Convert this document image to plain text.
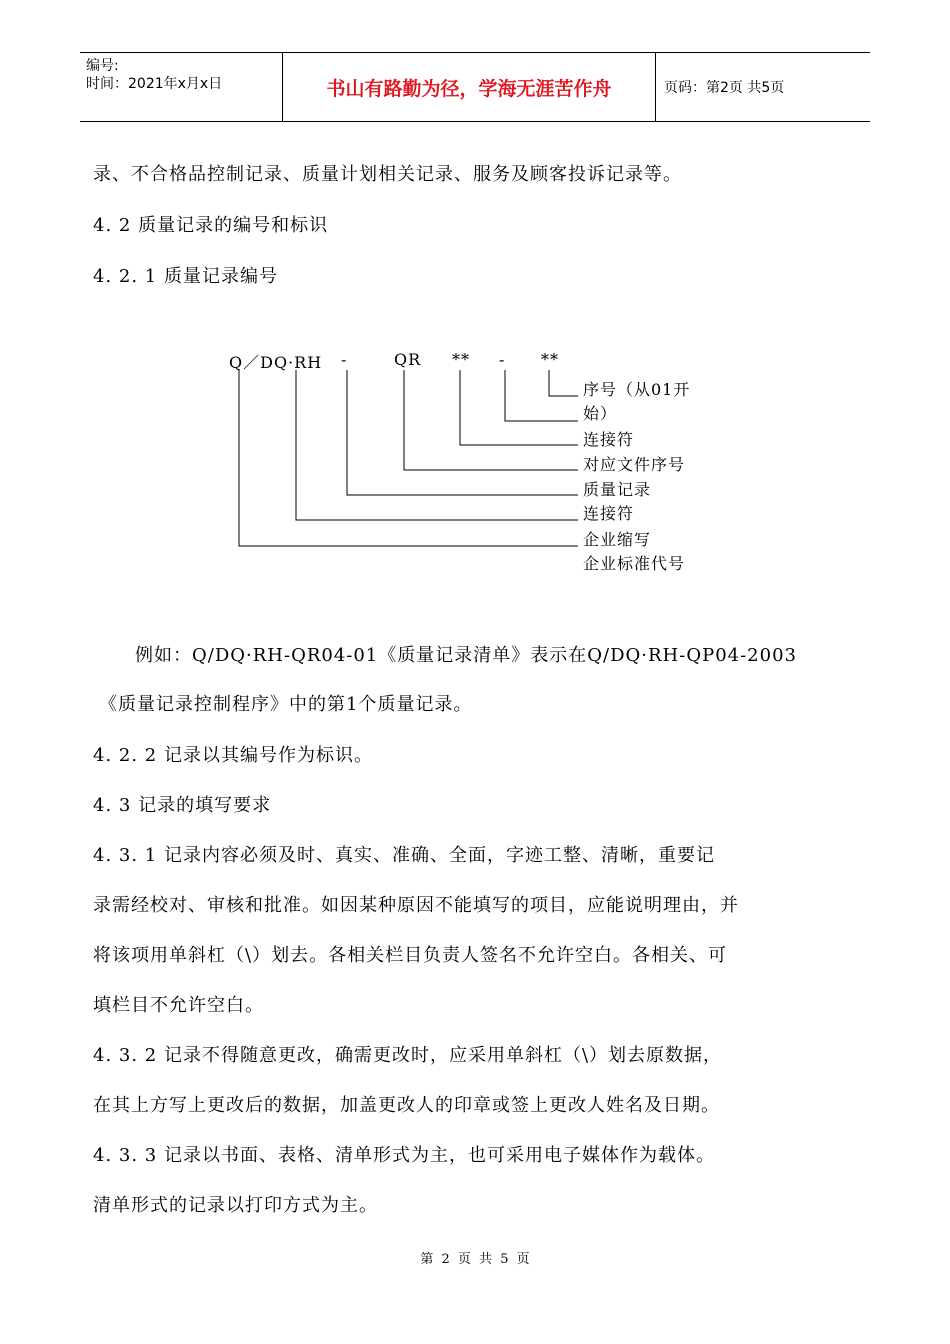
编号:
时间：2021年x月x日	书山有路勤为径，学海无涯苦作舟	页码：第2页 共5页
录、不合格品控制记录、质量计划相关记录、服务及顾客投诉记录等。
4. 2 质量记录的编号和标识
4. 2. 1 质量记录编号
Q／DQ·RH -	QR ** - **
序号（从01开
始）
连接符
对应文件序号
质量记录
连接符
企业缩写
企业标准代号
例如：Q/DQ·RH-QR04-01《质量记录清单》表示在Q/DQ·RH-QP04-2003
《质量记录控制程序》中的第1个质量记录。
4. 2. 2 记录以其编号作为标识。
4. 3 记录的填写要求
4. 3. 1 记录内容必须及时、真实、准确、全面，字迹工整、清晰，重要记
录需经校对、审核和批准。如因某种原因不能填写的项目，应能说明理由，并
将该项用单斜杠（\）划去。各相关栏目负责人签名不允许空白。各相关、可
填栏目不允许空白。
4. 3. 2 记录不得随意更改，确需更改时，应采用单斜杠（\）划去原数据，
在其上方写上更改后的数据，加盖更改人的印章或签上更改人姓名及日期。
4. 3. 3 记录以书面、表格、清单形式为主，也可采用电子媒体作为载体。
清单形式的记录以打印方式为主。
第 2 页 共 5 页
